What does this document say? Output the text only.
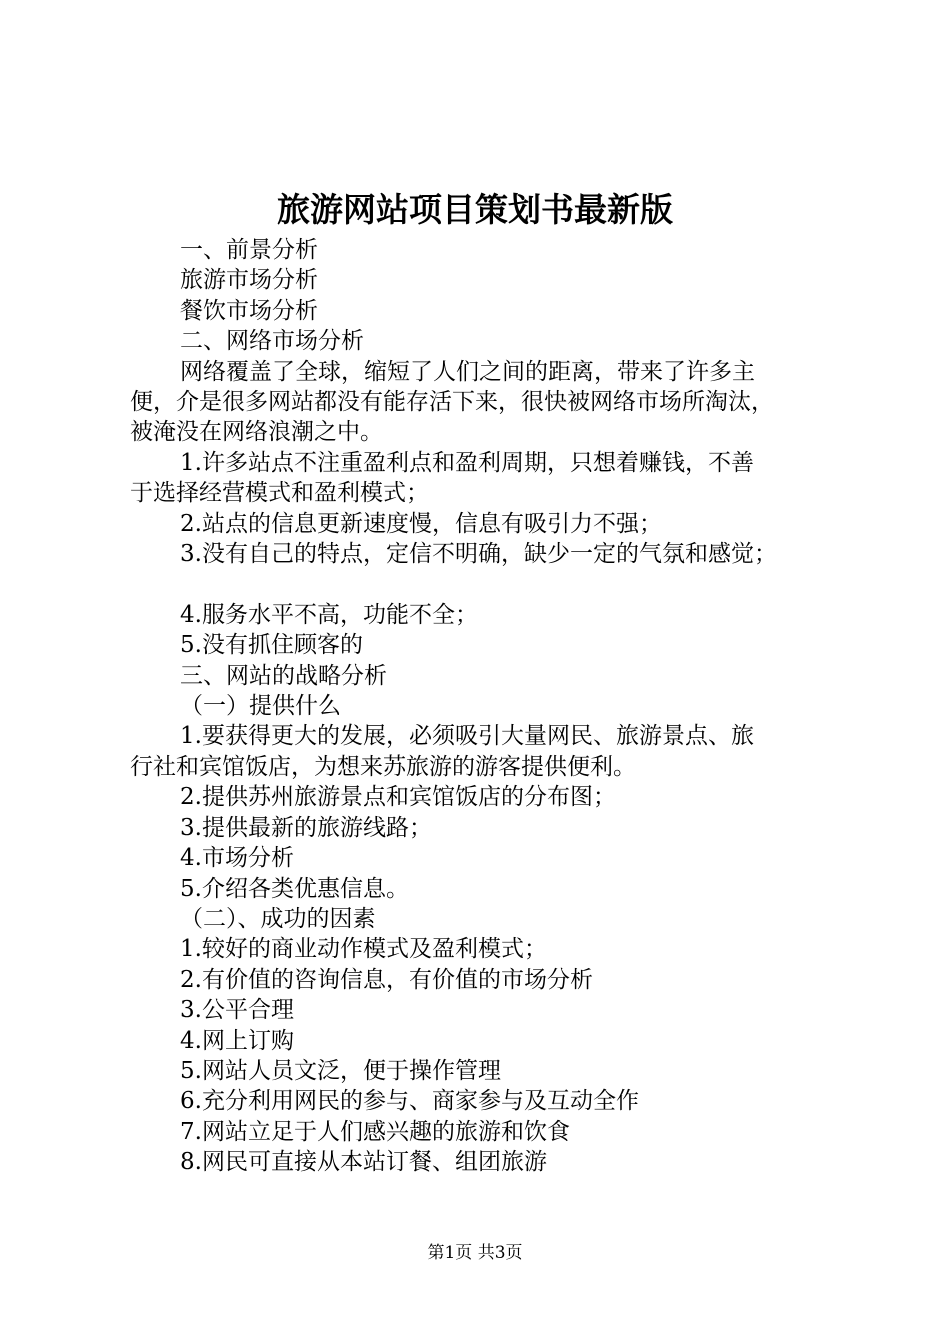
旅游网站项目策划书最新版
一、前景分析
旅游市场分析
餐饮市场分析
二、网络市场分析
网络覆盖了全球，缩短了人们之间的距离，带来了许多主
便，介是很多网站都没有能存活下来，很快被网络市场所淘汰，
被淹没在网络浪潮之中。
1.许多站点不注重盈利点和盈利周期，只想着赚钱，不善
于选择经营模式和盈利模式；
2.站点的信息更新速度慢，信息有吸引力不强；
3.没有自己的特点，定信不明确，缺少一定的气氛和感觉；
4.服务水平不高，功能不全；
5.没有抓住顾客的
三、网站的战略分析
（一）提供什么
1.要获得更大的发展，必须吸引大量网民、旅游景点、旅
行社和宾馆饭店，为想来苏旅游的游客提供便利。
2.提供苏州旅游景点和宾馆饭店的分布图；
3.提供最新的旅游线路；
4.市场分析
5.介绍各类优惠信息。
（二）、成功的因素
1.较好的商业动作模式及盈利模式；
2.有价值的咨询信息，有价值的市场分析
3.公平合理
4.网上订购
5.网站人员文泛，便于操作管理
6.充分利用网民的参与、商家参与及互动全作
7.网站立足于人们感兴趣的旅游和饮食
8.网民可直接从本站订餐、组团旅游
第1页 共3页
